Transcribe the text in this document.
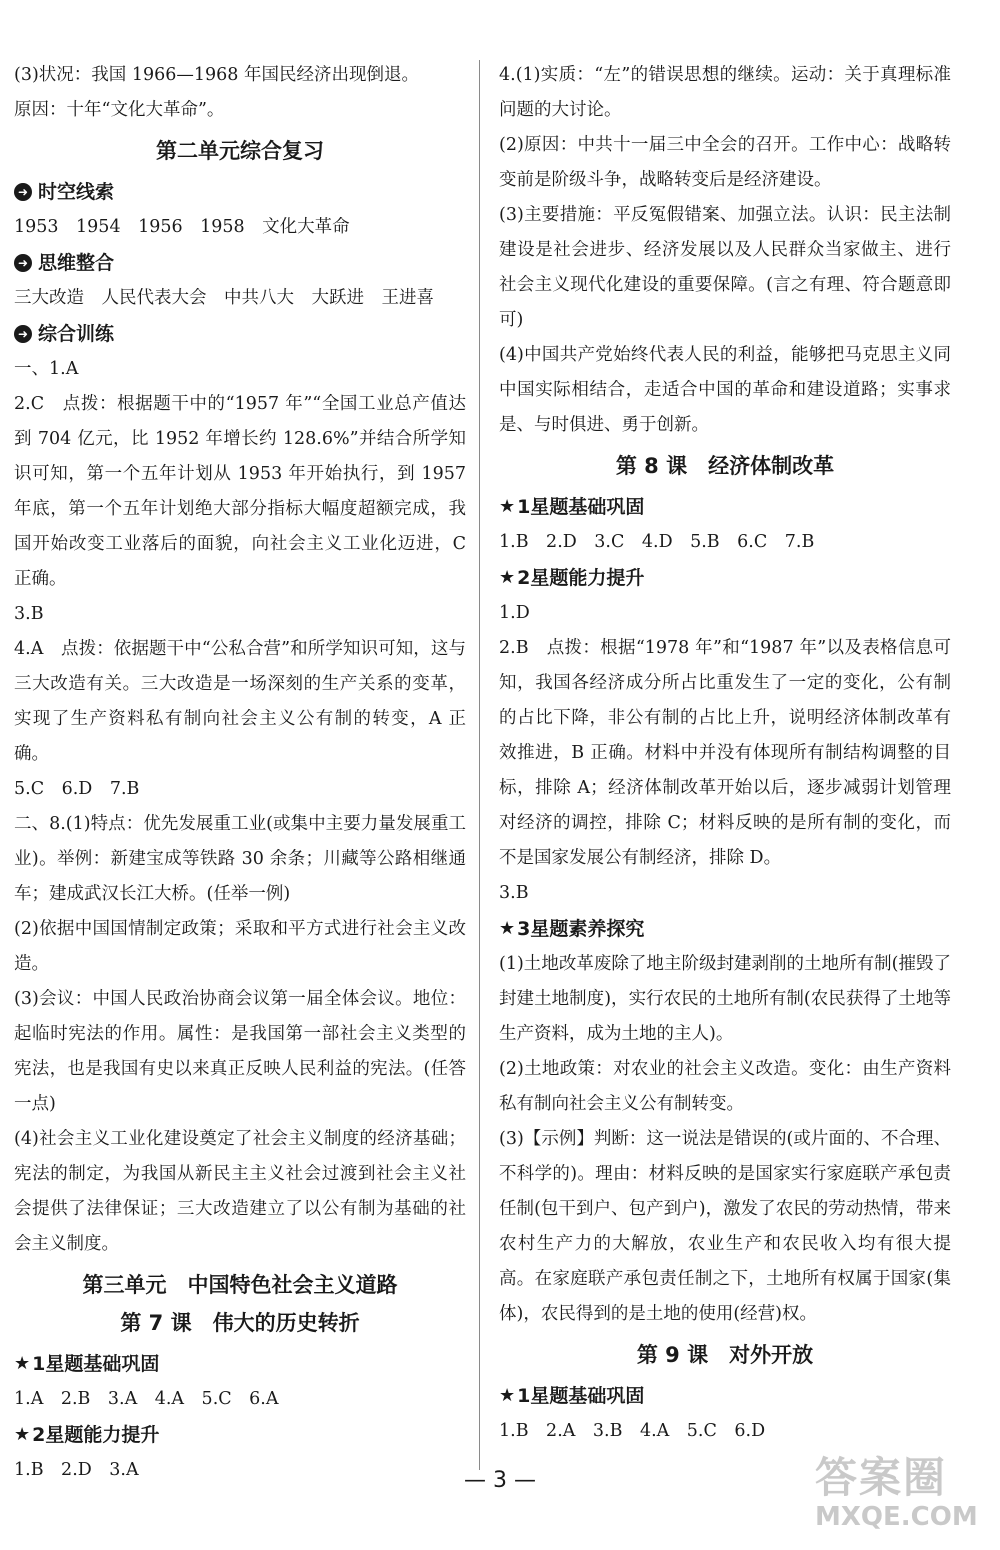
(3)状况：我国 1966—1968 年国民经济出现倒退。

原因：十年“文化大革命”。

第二单元综合复习
➜ 时空线索

1953　1954　1956　1958　文化大革命

➜ 思维整合

三大改造　人民代表大会　中共八大　大跃进　王进喜

➜ 综合训练

一、1.A

2.C　点拨：根据题干中的“1957 年”“全国工业总产值达到 704 亿元，比 1952 年增长约 128.6%”并结合所学知识可知，第一个五年计划从 1953 年开始执行，到 1957 年底，第一个五年计划绝大部分指标大幅度超额完成，我国开始改变工业落后的面貌，向社会主义工业化迈进，C 正确。

3.B

4.A　点拨：依据题干中“公私合营”和所学知识可知，这与三大改造有关。三大改造是一场深刻的生产关系的变革，实现了生产资料私有制向社会主义公有制的转变，A 正确。

5.C　6.D　7.B

二、8.(1)特点：优先发展重工业(或集中主要力量发展重工业)。举例：新建宝成等铁路 30 余条；川藏等公路相继通车；建成武汉长江大桥。(任举一例)

(2)依据中国国情制定政策；采取和平方式进行社会主义改造。

(3)会议：中国人民政治协商会议第一届全体会议。地位：起临时宪法的作用。属性：是我国第一部社会主义类型的宪法，也是我国有史以来真正反映人民利益的宪法。(任答一点)

(4)社会主义工业化建设奠定了社会主义制度的经济基础；宪法的制定，为我国从新民主主义社会过渡到社会主义社会提供了法律保证；三大改造建立了以公有制为基础的社会主义制度。

第三单元　中国特色社会主义道路
第 7 课　伟大的历史转折
★ 1星题基础巩固

1.A　2.B　3.A　4.A　5.C　6.A

★ 2星题能力提升

1.B　2.D　3.A

4.(1)实质：“左”的错误思想的继续。运动：关于真理标准问题的大讨论。

(2)原因：中共十一届三中全会的召开。工作中心：战略转变前是阶级斗争，战略转变后是经济建设。

(3)主要措施：平反冤假错案、加强立法。认识：民主法制建设是社会进步、经济发展以及人民群众当家做主、进行社会主义现代化建设的重要保障。(言之有理、符合题意即可)

(4)中国共产党始终代表人民的利益，能够把马克思主义同中国实际相结合，走适合中国的革命和建设道路；实事求是、与时俱进、勇于创新。

第 8 课　经济体制改革
★ 1星题基础巩固

1.B　2.D　3.C　4.D　5.B　6.C　7.B

★ 2星题能力提升

1.D

2.B　点拨：根据“1978 年”和“1987 年”以及表格信息可知，我国各经济成分所占比重发生了一定的变化，公有制的占比下降，非公有制的占比上升，说明经济体制改革有效推进，B 正确。材料中并没有体现所有制结构调整的目标，排除 A；经济体制改革开始以后，逐步减弱计划管理对经济的调控，排除 C；材料反映的是所有制的变化，而不是国家发展公有制经济，排除 D。

3.B

★ 3星题素养探究

(1)土地改革废除了地主阶级封建剥削的土地所有制(摧毁了封建土地制度)，实行农民的土地所有制(农民获得了土地等生产资料，成为土地的主人)。

(2)土地政策：对农业的社会主义改造。变化：由生产资料私有制向社会主义公有制转变。

(3)【示例】判断：这一说法是错误的(或片面的、不合理、不科学的)。理由：材料反映的是国家实行家庭联产承包责任制(包干到户、包产到户)，激发了农民的劳动热情，带来农村生产力的大解放，农业生产和农民收入均有很大提高。在家庭联产承包责任制之下，土地所有权属于国家(集体)，农民得到的是土地的使用(经营)权。

第 9 课　对外开放
★ 1星题基础巩固

1.B　2.A　3.B　4.A　5.C　6.D

— 3 —	答案圈
MXQE.COM
